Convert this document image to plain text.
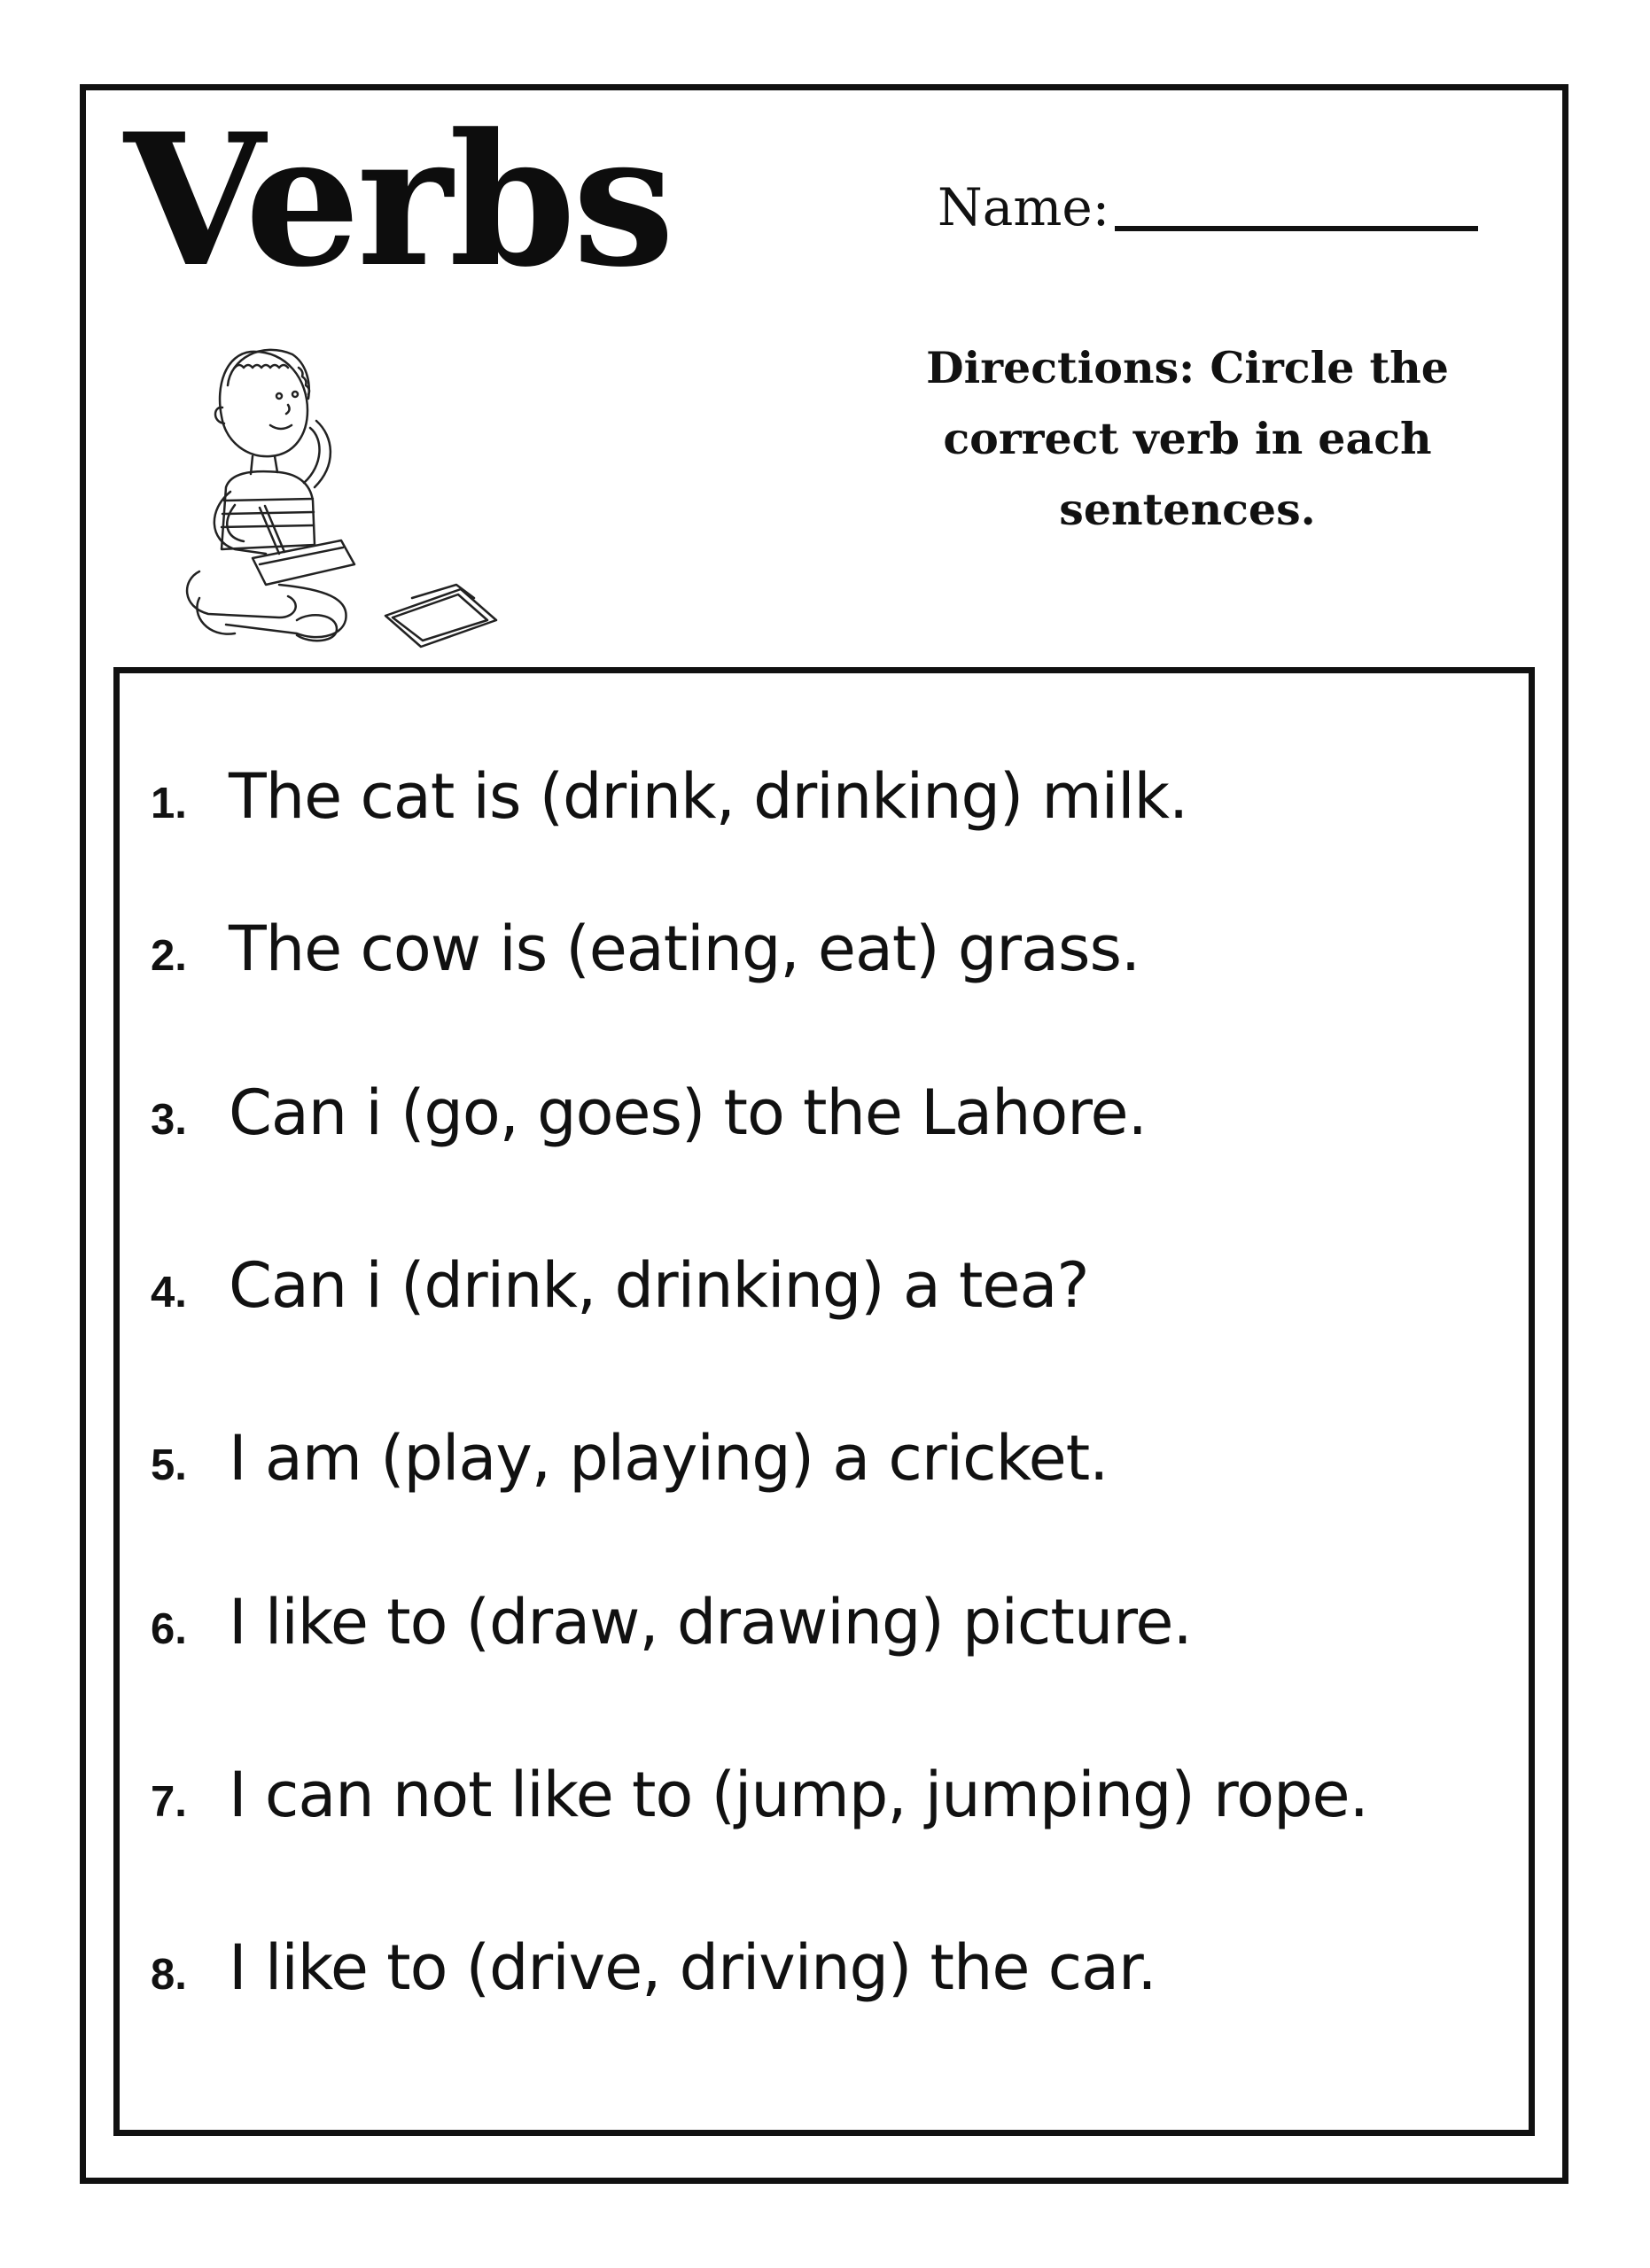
Verbs	Name:

Directions: Circle the correct verb in each sentences.

1. The cat is (drink, drinking) milk.
2. The cow is (eating, eat) grass.
3. Can i (go, goes) to the Lahore.
4. Can i (drink, drinking) a tea?
5. I am (play, playing) a cricket.
6. I like to (draw, drawing) picture.
7. I can not like to (jump, jumping) rope.
8. I like to (drive, driving) the car.
